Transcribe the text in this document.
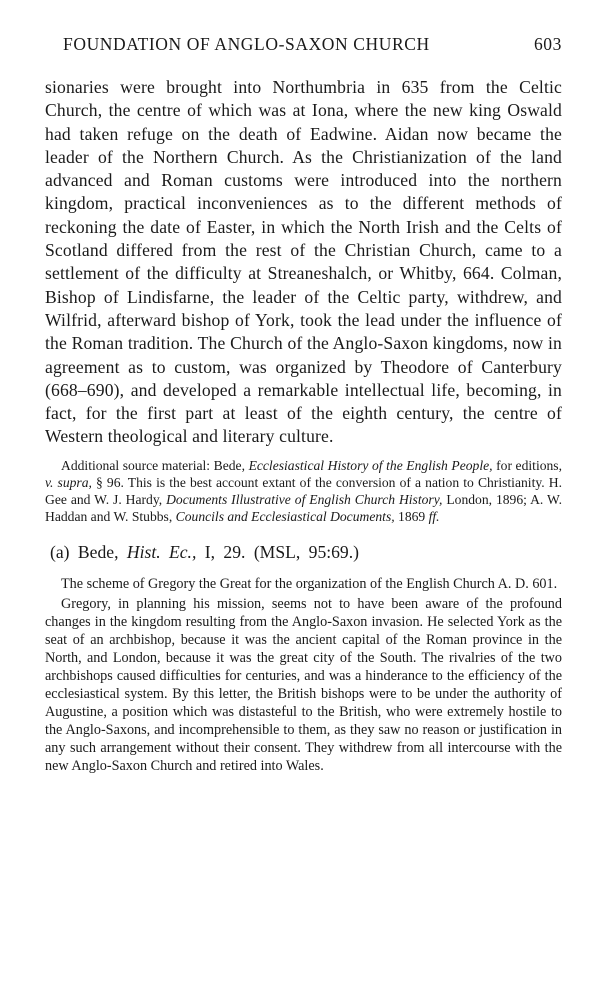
FOUNDATION OF ANGLO-SAXON CHURCH	603

sionaries were brought into Northumbria in 635 from the Celtic Church, the centre of which was at Iona, where the new king Oswald had taken refuge on the death of Eadwine. Aidan now became the leader of the Northern Church. As the Christianization of the land advanced and Roman customs were introduced into the northern kingdom, practical inconveniences as to the different methods of reckoning the date of Easter, in which the North Irish and the Celts of Scotland differed from the rest of the Christian Church, came to a settlement of the difficulty at Streaneshalch, or Whitby, 664. Colman, Bishop of Lindisfarne, the leader of the Celtic party, withdrew, and Wilfrid, afterward bishop of York, took the lead under the influence of the Roman tradition. The Church of the Anglo-Saxon kingdoms, now in agreement as to custom, was organized by Theodore of Canterbury (668–690), and developed a remarkable intellectual life, becoming, in fact, for the first part at least of the eighth century, the centre of Western theological and literary culture.

Additional source material: Bede, Ecclesiastical History of the English People, for editions, v. supra, § 96. This is the best account extant of the conversion of a nation to Christianity. H. Gee and W. J. Hardy, Documents Illustrative of English Church History, London, 1896; A. W. Haddan and W. Stubbs, Councils and Ecclesiastical Documents, 1869 ff.
(a) Bede, Hist. Ec., I, 29. (MSL, 95:69.)
The scheme of Gregory the Great for the organization of the English Church A. D. 601.
Gregory, in planning his mission, seems not to have been aware of the profound changes in the kingdom resulting from the Anglo-Saxon invasion. He selected York as the seat of an archbishop, because it was the ancient capital of the Roman province in the North, and London, because it was the great city of the South. The rivalries of the two archbishops caused difficulties for centuries, and was a hinderance to the efficiency of the ecclesiastical system. By this letter, the British bishops were to be under the authority of Augustine, a position which was distasteful to the British, who were extremely hostile to the Anglo-Saxons, and incomprehensible to them, as they saw no reason or justification in any such arrangement without their consent. They withdrew from all intercourse with the new Anglo-Saxon Church and retired into Wales.
